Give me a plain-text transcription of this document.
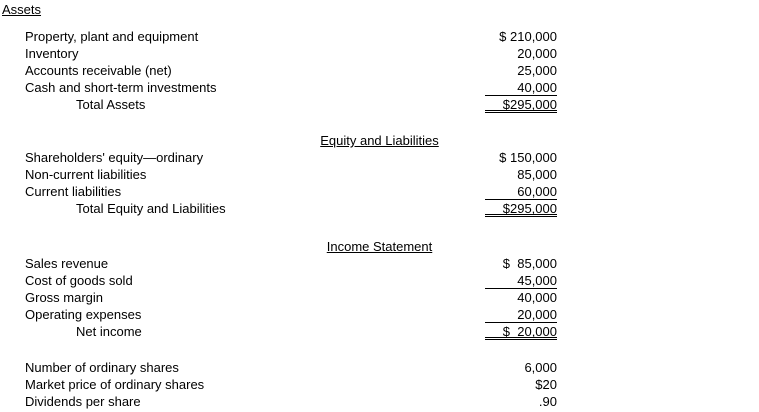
Assets
Property, plant and equipment	$ 210,000
Inventory	20,000
Accounts receivable (net)	25,000
Cash and short-term investments	40,000
Total Assets	$295,000
Equity and Liabilities
Shareholders' equity—ordinary	$ 150,000
Non-current liabilities	85,000
Current liabilities	60,000
Total Equity and Liabilities	$295,000
Income Statement
Sales revenue	$  85,000
Cost of goods sold	45,000
Gross margin	40,000
Operating expenses	20,000
Net income	$  20,000
Number of ordinary shares	6,000
Market price of ordinary shares	$20
Dividends per share	.90
